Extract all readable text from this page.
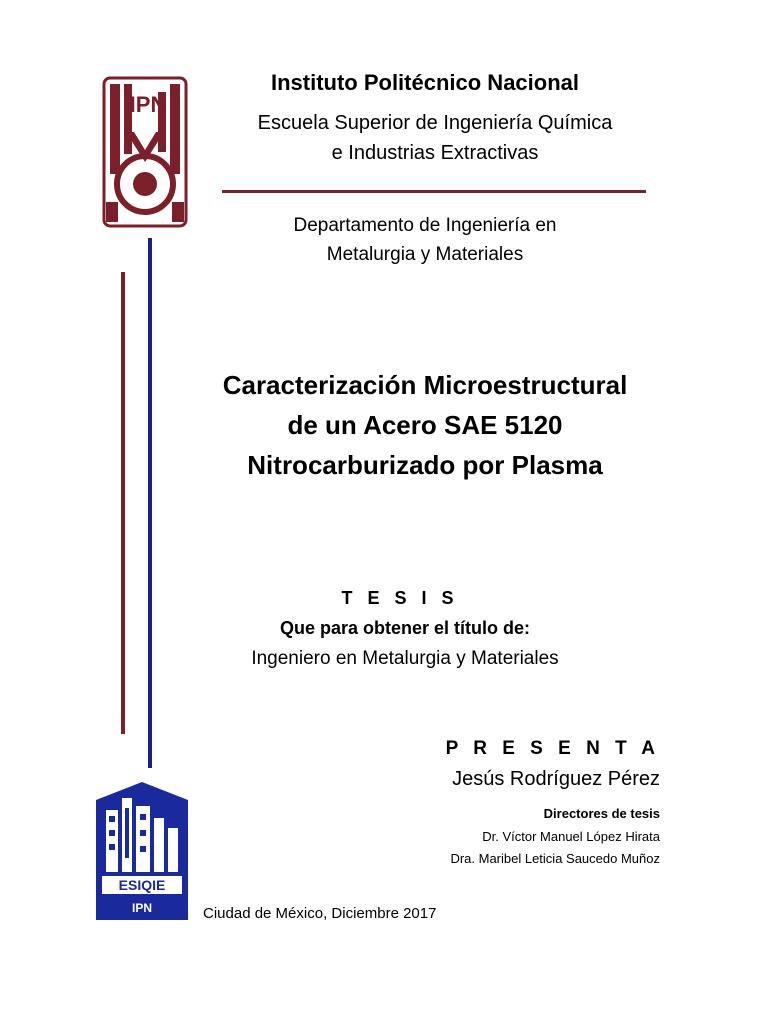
IPN
Instituto Politécnico Nacional
Escuela Superior de Ingeniería Química
e Industrias Extractivas
Departamento de Ingeniería en
Metalurgia y Materiales
Caracterización Microestructural
de un Acero SAE 5120
Nitrocarburizado por Plasma
T E S I S
Que para obtener el título de:
Ingeniero en Metalurgia y Materiales
P R E S E N T A
Jesús Rodríguez Pérez
Directores de tesis
Dr. Víctor Manuel López Hirata
Dra. Maribel Leticia Saucedo Muñoz
ESIQIE
IPN	Ciudad de México, Diciembre 2017
